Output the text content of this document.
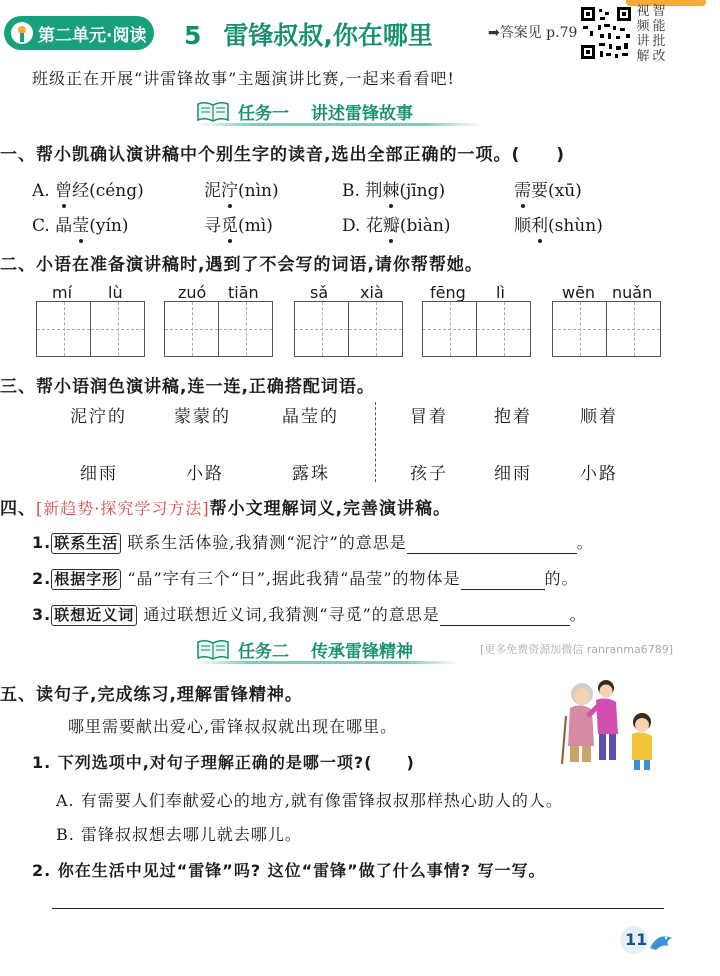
第二单元·阅读 5 雷锋叔叔,你在哪里	➡答案见 p.79
视
频
讲
解
智
能
批
改
班级正在开展“讲雷锋故事”主题演讲比赛,一起来看看吧!
任务一 讲述雷锋故事
一、帮小凯确认演讲稿中个别生字的读音,选出全部正确的一项。(　　)
A. 曾经(céng)	泥泞(nìn)	B. 荆棘(jīng)	需要(xū)
C. 晶莹(yín)	寻觅(mì)	D. 花瓣(biàn)	顺利(shùn)
二、小语在准备演讲稿时,遇到了不会写的词语,请你帮帮她。
mí lù	zuó tiān	sǎ xià	fēng lì	wēn nuǎn
三、帮小语润色演讲稿,连一连,正确搭配词语。
泥泞的	蒙蒙的	晶莹的
细雨	小路	露珠
冒着	抱着	顺着
孩子	细雨	小路
四、[新趋势·探究学习方法]帮小文理解词义,完善演讲稿。
1. 联系生活 联系生活体验,我猜测“泥泞”的意思是	。
2. 根据字形 “晶”字有三个“日”,据此我猜“晶莹”的物体是	的。
3. 联想近义词 通过联想近义词,我猜测“寻觅”的意思是	。
任务二 传承雷锋精神	[更多免费资源加微信 ranranma6789]
五、读句子,完成练习,理解雷锋精神。
哪里需要献出爱心,雷锋叔叔就出现在哪里。
1. 下列选项中,对句子理解正确的是哪一项?(　　)
A. 有需要人们奉献爱心的地方,就有像雷锋叔叔那样热心助人的人。
B. 雷锋叔叔想去哪儿就去哪儿。
2. 你在生活中见过“雷锋”吗? 这位“雷锋”做了什么事情? 写一写。
11
